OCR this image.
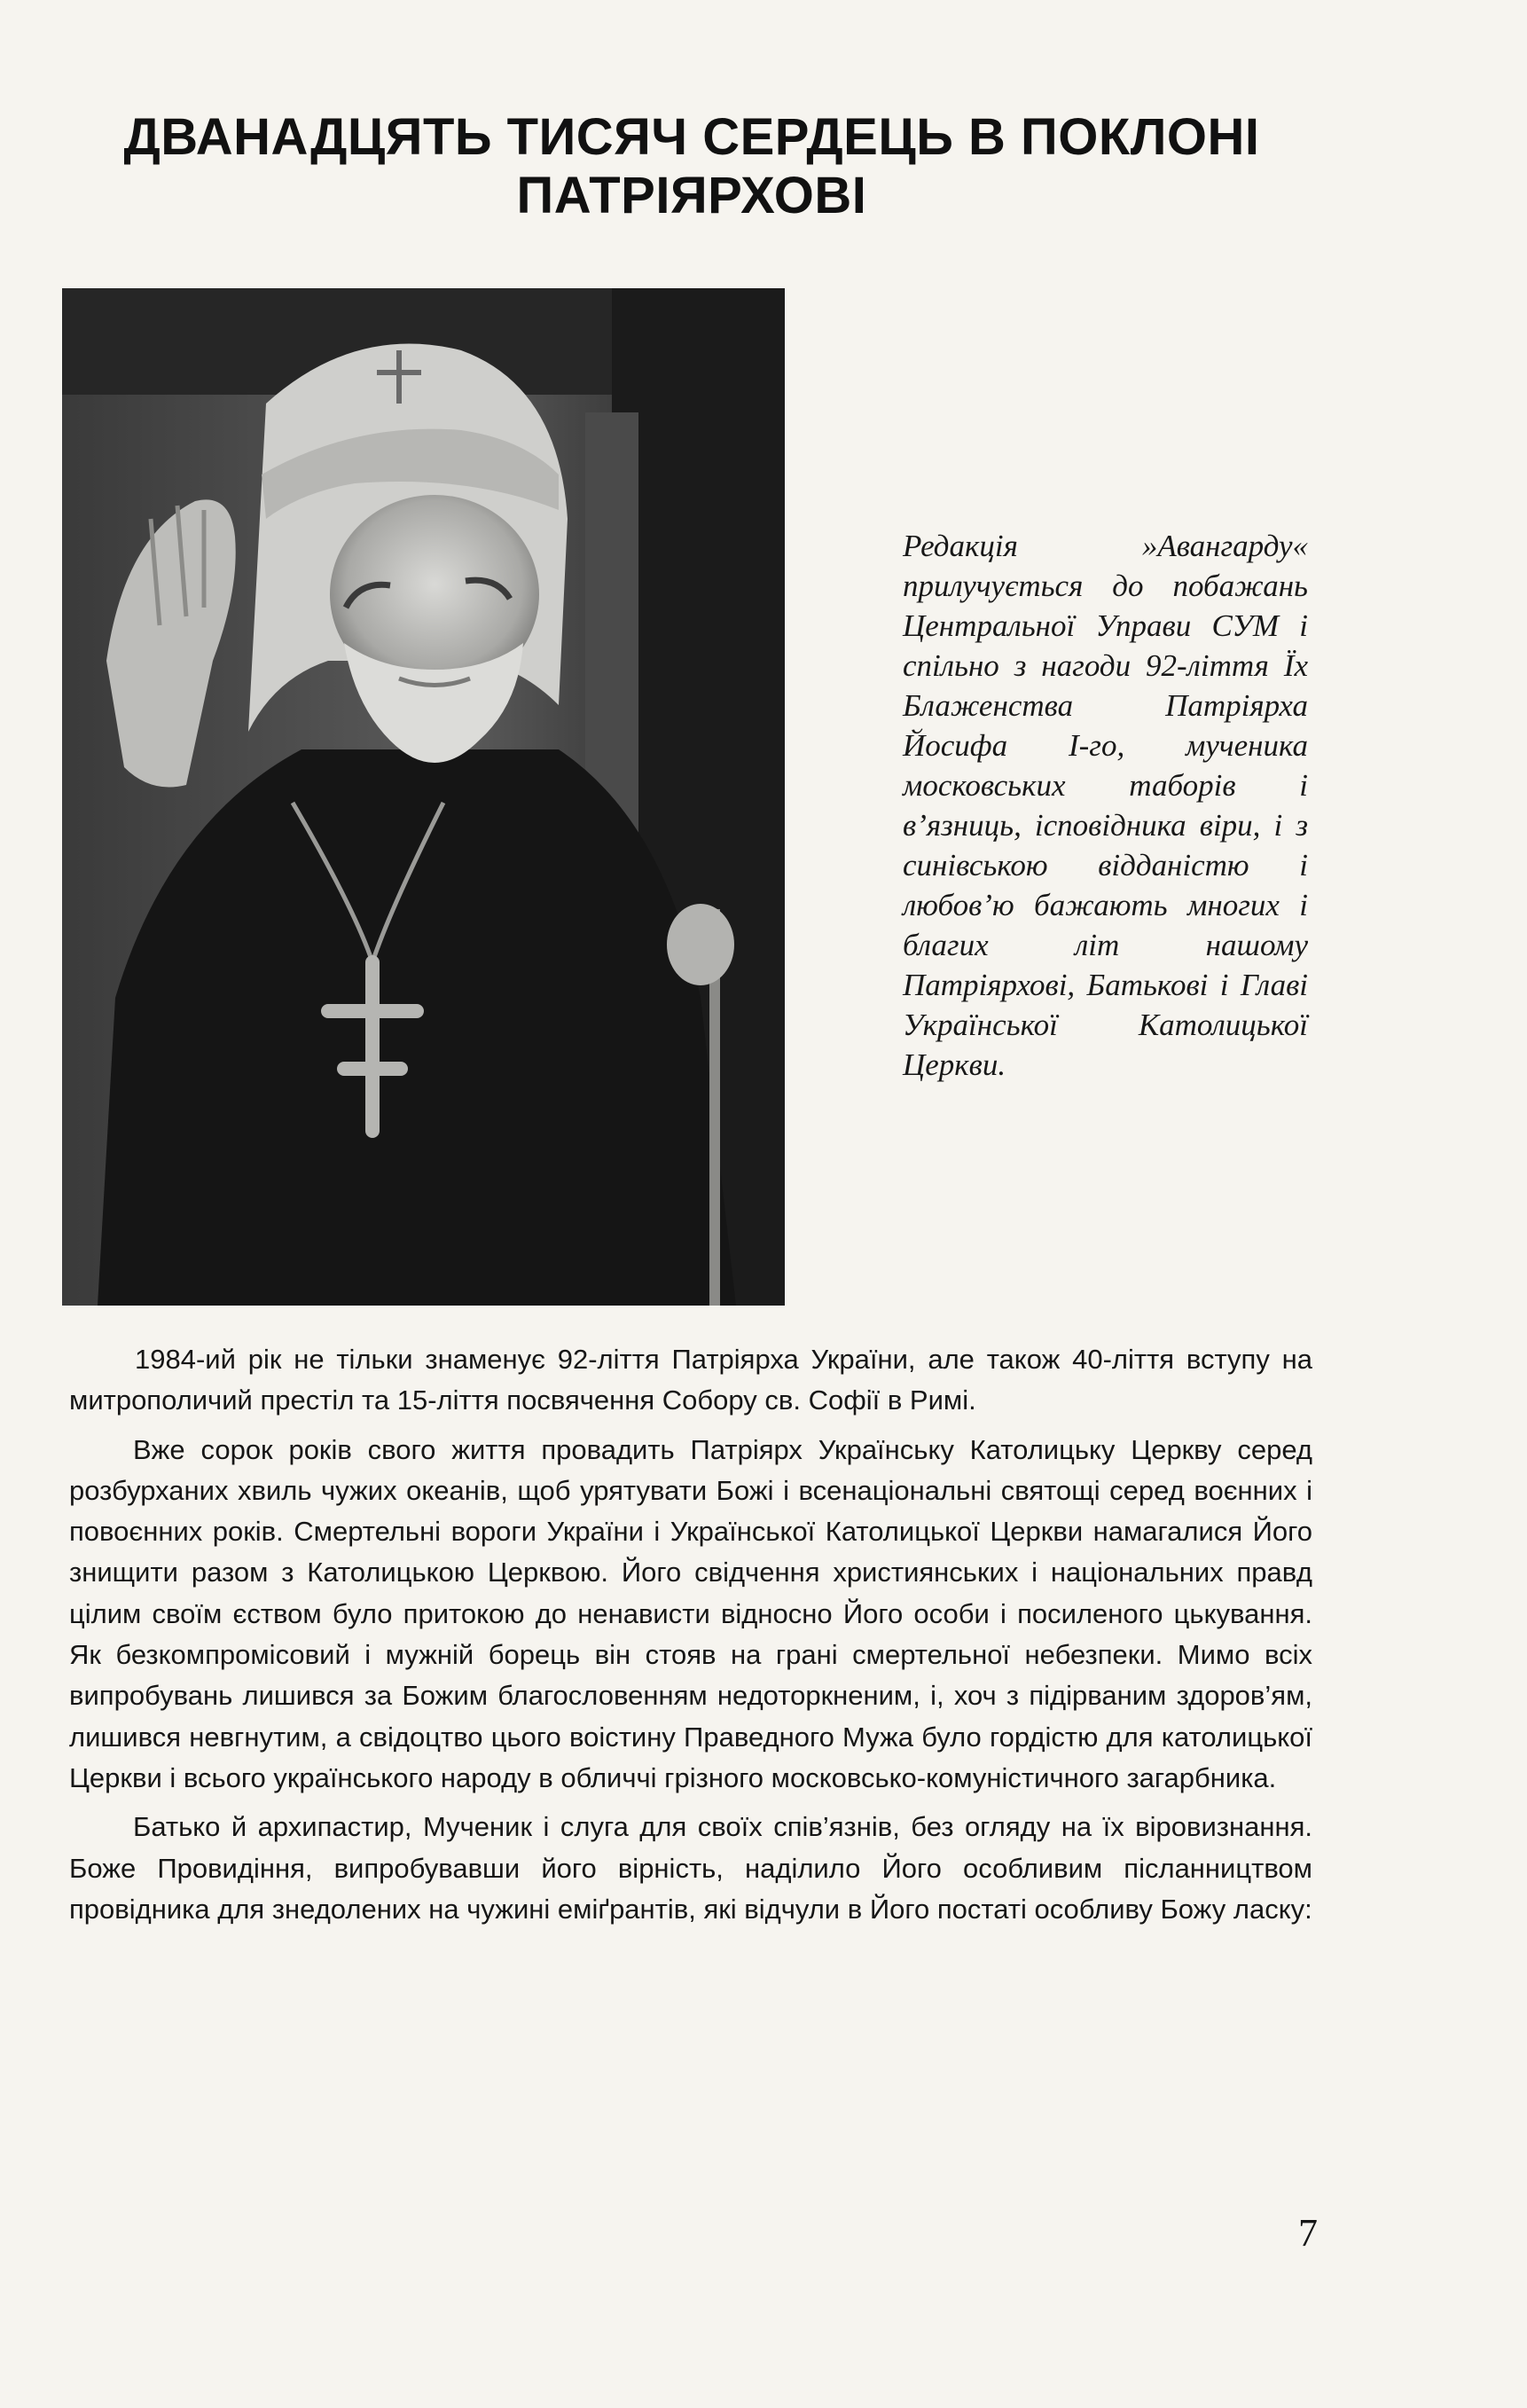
ДВАНАДЦЯТЬ ТИСЯЧ СЕРДЕЦЬ В ПОКЛОНІ
ПАТРІЯРХОВІ

Редакція »Авангарду« прилучується до побажань Центральної Управи СУМ і спільно з нагоди 92-ліття Їх Блаженства Патріярха Йосифа І-го, мученика московських таборів і в’язниць, ісповідника віри, і з синівською відданістю і любов’ю бажають многих і благих літ нашому Патріярхові, Батькові і Главі Української Католицької Церкви.

1984-ий рік не тільки знаменує 92-ліття Патріярха України, але також 40-ліття вступу на митрополичий престіл та 15-ліття посвячення Собору св. Софії в Римі.

Вже сорок років свого життя провадить Патріярх Українську Католицьку Церкву серед розбурханих хвиль чужих океанів, щоб урятувати Божі і всенаціональні святощі серед воєнних і повоєнних років. Смертельні вороги України і Української Католицької Церкви намагалися Його знищити разом з Католицькою Церквою. Його свідчення християнських і національних правд цілим своїм єством було притокою до ненависти відносно Його особи і посиленого цькування. Як безкомпромісовий і мужній борець він стояв на грані смертельної небезпеки. Мимо всіх випробувань лишився за Божим благословенням недоторкненим, і, хоч з підірваним здоров’ям, лишився невгнутим, а свідоцтво цього воістину Праведного Мужа було гордістю для католицької Церкви і всього українського народу в обличчі грізного московсько-комуністичного загарбника.

Батько й архипастир, Мученик і слуга для своїх спів’язнів, без огляду на їх віровизнання. Боже Провидіння, випробувавши його вірність, наділило Його особливим післанництвом провідника для знедолених на чужині еміґрантів, які відчули в Його постаті особливу Божу ласку:

7
